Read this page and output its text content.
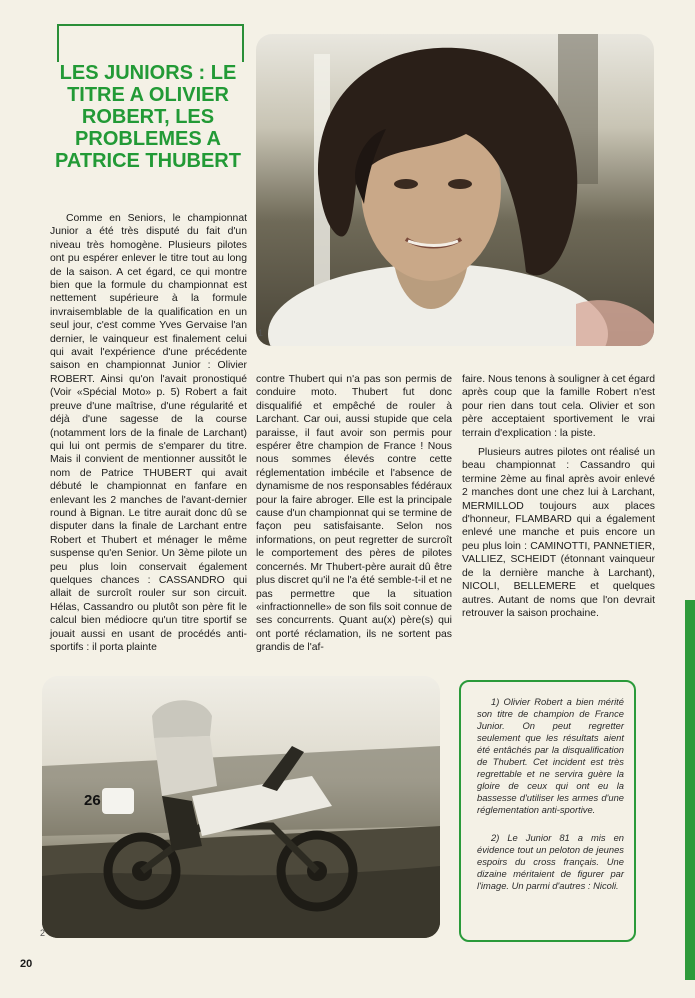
LES JUNIORS : LE TITRE A OLIVIER ROBERT, LES PROBLEMES A PATRICE THUBERT
1

Comme en Seniors, le championnat Junior a été très disputé du fait d'un niveau très homogène. Plusieurs pilotes ont pu espérer enlever le titre tout au long de la saison. A cet égard, ce qui montre bien que la formule du championnat est nettement supérieure à la formule invraisemblable de la qualification en un seul jour, c'est comme Yves Gervaise l'an dernier, le vainqueur est finalement celui qui avait l'expérience d'une précédente saison en championnat Junior : Olivier ROBERT. Ainsi qu'on l'avait pronostiqué (Voir «Spécial Moto» p. 5) Robert a fait preuve d'une maîtrise, d'une régularité et déjà d'une sagesse de la course (notamment lors de la finale de Larchant) qui lui ont permis de s'emparer du titre. Mais il convient de mentionner aussitôt le nom de Patrice THUBERT qui avait débuté le championnat en fanfare en enlevant les 2 manches de l'avant-dernier round à Bignan. Le titre aurait donc dû se disputer dans la finale de Larchant entre Robert et Thubert et ménager le même suspense qu'en Senior. Un 3ème pilote un peu plus loin conservait également quelques chances : CASSANDRO qui allait de surcroît rouler sur son circuit. Hélas, Cassandro ou plutôt son père fit le calcul bien médiocre qu'un titre sportif se jouait aussi en usant de procédés anti-sportifs : il porta plainte

contre Thubert qui n'a pas son permis de conduire moto. Thubert fut donc disqualifié et empêché de rouler à Larchant. Car oui, aussi stupide que cela paraisse, il faut avoir son permis pour espérer être champion de France ! Nous nous sommes élevés contre cette réglementation imbécile et l'absence de dynamisme de nos responsables fédéraux pour la faire abroger. Elle est la principale cause d'un championnat qui se termine de façon peu satisfaisante. Selon nos informations, on peut regretter de surcroît le comportement des pères de pilotes concernés. Mr Thubert-père aurait dû être plus discret qu'il ne l'a été semble-t-il et ne pas permettre que la situation «infractionnelle» de son fils soit connue de ses concurrents. Quant au(x) père(s) qui ont porté réclamation, ils ne sortent pas grandis de l'af-

faire. Nous tenons à souligner à cet égard après coup que la famille Robert n'est pour rien dans tout cela. Olivier et son père acceptaient sportivement le vrai terrain d'explication : la piste.

Plusieurs autres pilotes ont réalisé un beau championnat : Cassandro qui termine 2ème au final après avoir enlevé 2 manches dont une chez lui à Larchant, MERMILLOD toujours aux places d'honneur, FLAMBARD qui a également enlevé une manche et puis encore un peu plus loin : CAMINOTTI, PANNETIER, VALLIEZ, SCHEIDT (étonnant vainqueur de la dernière manche à Larchant), NICOLI, BELLEMERE et quelques autres. Autant de noms que l'on devrait retrouver la saison prochaine.

26
2

1) Olivier Robert a bien mérité son titre de champion de France Junior. On peut regretter seulement que les résultats aient été entâchés par la disqualification de Thubert. Cet incident est très regrettable et ne servira guère la gloire de ceux qui ont eu la bassesse d'utiliser les armes d'une réglementation anti-sportive.

2) Le Junior 81 a mis en évidence tout un peloton de jeunes espoirs du cross français. Une dizaine méritaient de figurer par l'image. Un parmi d'autres : Nicoli.

20
